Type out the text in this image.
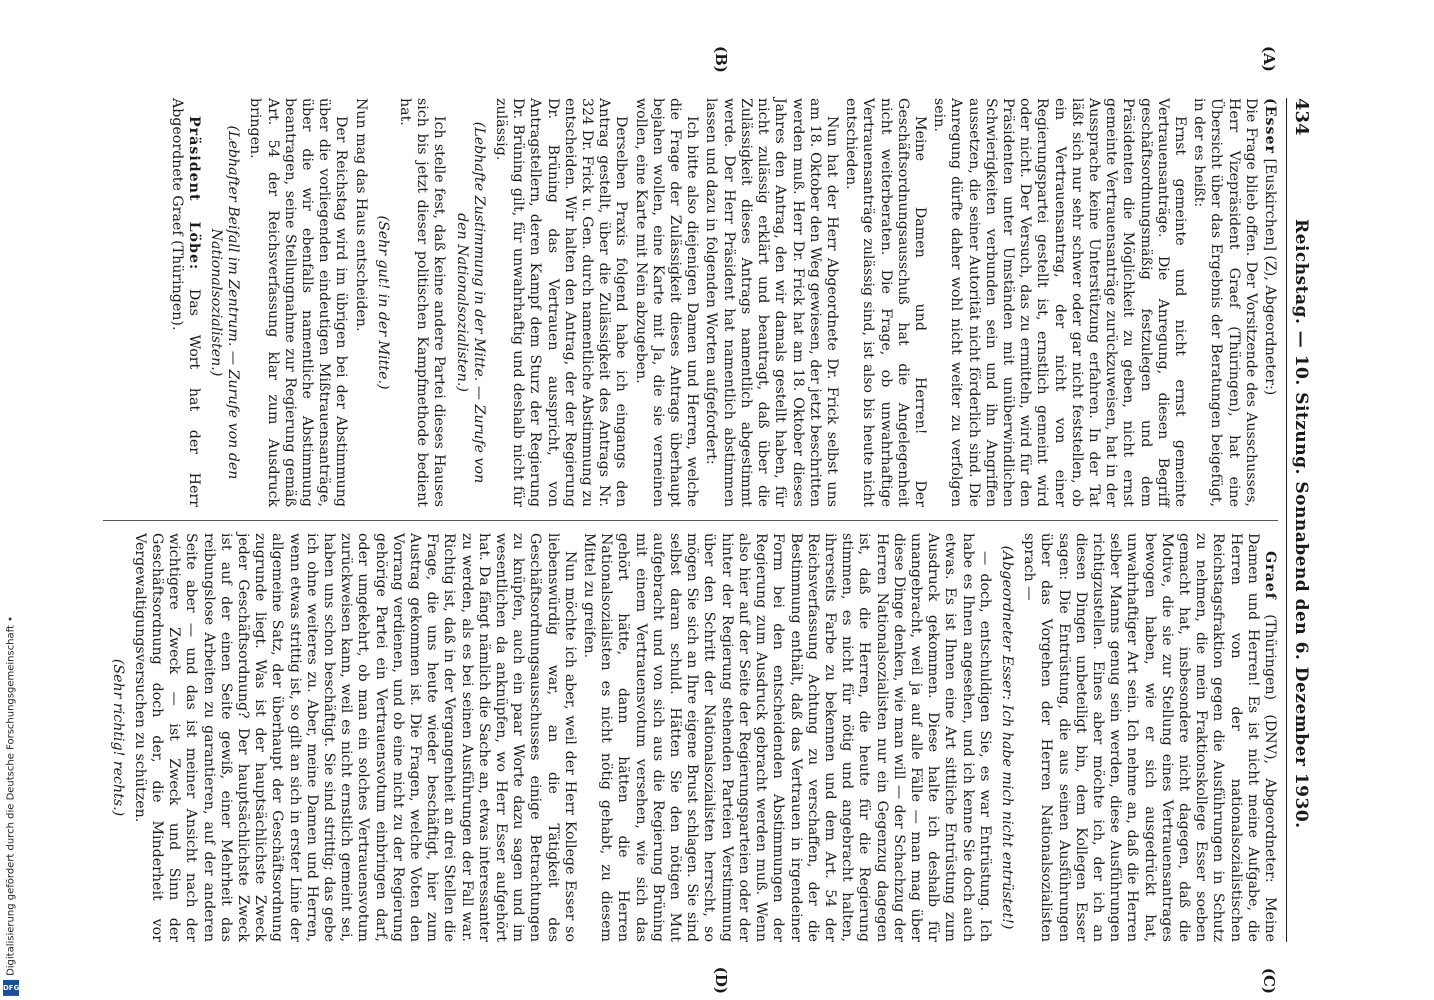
434
Reichstag. — 10. Sitzung. Sonnabend den 6. Dezember 1930.

(Esser [Euskirchen] (Z), Abgeordneter:)

Die Frage blieb offen. Der Vorsitzende des Ausschusses, Herr Vizepräsident Graef (Thüringen), hat eine Übersicht über das Ergebnis der Beratungen beigefügt, in der es heißt:

Ernst gemeinte und nicht ernst gemeinte Vertrauensanträge. Die Anregung, diesen Begriff geschäftsordnungsmäßig festzulegen und dem Präsidenten die Möglichkeit zu geben, nicht ernst gemeinte Vertrauensanträge zurückzuweisen, hat in der Aussprache keine Unterstützung erfahren. In der Tat läßt sich nur sehr schwer oder gar nicht feststellen, ob ein Vertrauensantrag, der nicht von einer Regierungspartei gestellt ist, ernstlich gemeint wird oder nicht. Der Versuch, das zu ermitteln, wird für den Präsidenten unter Umständen mit unüberwindlichen Schwierigkeiten verbunden sein und ihn Angriffen aussetzen, die seiner Autorität nicht förderlich sind. Die Anregung dürfte daher wohl nicht weiter zu verfolgen sein.

Meine Damen und Herren! Der Geschäftsordnungsausschuß hat die Angelegenheit nicht weiterberaten. Die Frage, ob unwahrhaftige Vertrauensanträge zulässig sind, ist also bis heute nicht entschieden.

Nun hat der Herr Abgeordnete Dr. Frick selbst uns am 18. Oktober den Weg gewiesen, der jetzt beschritten werden muß. Herr Dr. Frick hat am 18. Oktober dieses Jahres den Antrag, den wir damals gestellt haben, für nicht zulässig erklärt und beantragt, daß über die Zulässigkeit dieses Antrags namentlich abgestimmt werde. Der Herr Präsident hat namentlich abstimmen lassen und dazu in folgenden Worten aufgefordert:

Ich bitte also diejenigen Damen und Herren, welche die Frage der Zulässigkeit dieses Antrags überhaupt bejahen wollen, eine Karte mit Ja, die sie verneinen wollen, eine Karte mit Nein abzugeben.

Derselben Praxis folgend habe ich eingangs den Antrag gestellt, über die Zulässigkeit des Antrags Nr. 324 Dr. Frick u. Gen. durch namentliche Abstimmung zu entscheiden. Wir halten den Antrag, der der Regierung Dr. Brüning das Vertrauen ausspricht, von Antragstellern, deren Kampf dem Sturz der Regierung Dr. Brüning gilt, für unwahrhaftig und deshalb nicht für zulässig.

(Lebhafte Zustimmung in der Mitte. — Zurufe von den Nationalsozialisten.)

Ich stelle fest, daß keine andere Partei dieses Hauses sich bis jetzt dieser politischen Kampfmethode bedient hat.

(Sehr gut! in der Mitte.)

Nun mag das Haus entscheiden.

Der Reichstag wird im übrigen bei der Abstimmung über die vorliegenden eindeutigen Mißtrauensanträge, über die wir ebenfalls namentliche Abstimmung beantragen, seine Stellungnahme zur Regierung gemäß Art. 54 der Reichsverfassung klar zum Ausdruck bringen.

(Lebhafter Beifall im Zentrum. — Zurufe von den Nationalsozialisten.)

Präsident Löbe: Das Wort hat der Herr Abgeordnete Graef (Thüringen).

Graef (Thüringen) (DNV), Abgeordneter: Meine Damen und Herren! Es ist nicht meine Aufgabe, die Herren von der nationalsozialistischen Reichstagsfraktion gegen die Ausführungen in Schutz zu nehmen, die mein Fraktionskollege Esser soeben gemacht hat, insbesondere nicht dagegen, daß die Motive, die sie zur Stellung eines Vertrauensantrages bewogen haben, wie er sich ausgedrückt hat, unwahrhaftiger Art sein. Ich nehme an, daß die Herren selber Manns genug sein werden, diese Ausführungen richtigzustellen. Eines aber möchte ich, der ich an diesen Dingen unbeteiligt bin, dem Kollegen Esser sagen: Die Entrüstung, die aus seinen Ausführungen über das Vorgehen der Herren Nationalsozialisten sprach —

(Abgeordneter Esser: Ich habe mich nicht entrüstet!)

— doch, entschuldigen Sie, es war Entrüstung. Ich habe es Ihnen angesehen, und ich kenne Sie doch auch etwas. Es ist Ihnen eine Art sittliche Entrüstung zum Ausdruck gekommen. Diese halte ich deshalb für unangebracht, weil ja auf alle Fälle — man mag über diese Dinge denken, wie man will — der Schachzug der Herren Nationalsozialisten nur ein Gegenzug dagegen ist, daß die Herren, die heute für die Regierung stimmen, es nicht für nötig und angebracht halten, ihrerseits Farbe zu bekennen und dem Art. 54 der Reichsverfassung Achtung zu verschaffen, der die Bestimmung enthält, daß das Vertrauen in irgendeiner Form bei den entscheidenden Abstimmungen der Regierung zum Ausdruck gebracht werden muß. Wenn also hier auf der Seite der Regierungsparteien oder der hinter der Regierung stehenden Parteien Verstimmung über den Schritt der Nationalsozialisten herrscht, so mögen Sie sich an Ihre eigene Brust schlagen. Sie sind selbst daran schuld. Hätten Sie den nötigen Mut aufgebracht und von sich aus die Regierung Brüning mit einem Vertrauensvotum versehen, wie sich das gehört hätte, dann hätten die Herren Nationalsozialisten es nicht nötig gehabt, zu diesem Mittel zu greifen.

Nun möchte ich aber, weil der Herr Kollege Esser so liebenswürdig war, an die Tätigkeit des Geschäftsordnungsausschusses einige Betrachtungen zu knüpfen, auch ein paar Worte dazu sagen und im wesentlichen da anknüpfen, wo Herr Esser aufgehört hat. Da fängt nämlich die Sache an, etwas interessanter zu werden, als es bei seinen Ausführungen der Fall war. Richtig ist, daß in der Vergangenheit an drei Stellen die Frage, die uns heute wieder beschäftigt, hier zum Austrag gekommen ist. Die Fragen, welche Voten den Vorrang verdienen, und ob eine nicht zu der Regierung gehörige Partei ein Vertrauensvotum einbringen darf, oder umgekehrt, ob man ein solches Vertrauensvotum zurückweisen kann, weil es nicht ernstlich gemeint sei, haben uns schon beschäftigt. Sie sind strittig; das gebe ich ohne weiteres zu. Aber, meine Damen und Herren, wenn etwas strittig ist, so gilt an sich in erster Linie der allgemeine Satz, der überhaupt der Geschäftsordnung zugrunde liegt. Was ist der hauptsächlichste Zweck jeder Geschäftsordnung? Der hauptsächlichste Zweck ist auf der einen Seite gewiß, einer Mehrheit das reibungslose Arbeiten zu garantieren, auf der anderen Seite aber — und das ist meiner Ansicht nach der wichtigere Zweck — ist Zweck und Sinn der Geschäftsordnung doch der, die Minderheit vor Vergewaltigungsversuchen zu schützen.

(Sehr richtig! rechts.)

(A)
(B)
(C)
(D)
DFG
Digitalisierung gefördert durch die Deutsche Forschungsgemeinschaft •
